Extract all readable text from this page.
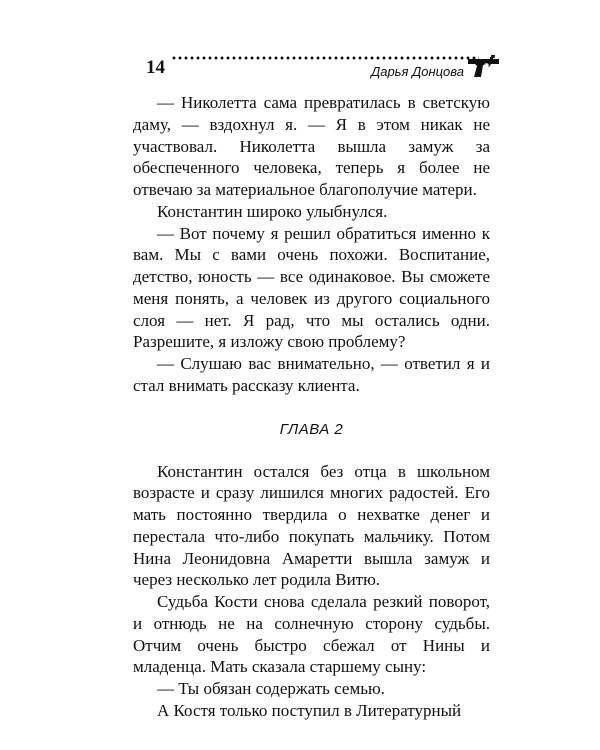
14	Дарья Донцова

— Николетта сама превратилась в светскую даму, — вздохнул я. — Я в этом никак не участвовал. Николетта вышла замуж за обеспеченного человека, теперь я более не отвечаю за материальное благополучие матери.

Константин широко улыбнулся.

— Вот почему я решил обратиться именно к вам. Мы с вами очень похожи. Воспитание, детство, юность — все одинаковое. Вы сможете меня понять, а человек из другого социального слоя — нет. Я рад, что мы остались одни. Разрешите, я изложу свою проблему?

— Слушаю вас внимательно, — ответил я и стал внимать рассказу клиента.

ГЛАВА 2

Константин остался без отца в школьном возрасте и сразу лишился многих радостей. Его мать постоянно твердила о нехватке денег и перестала что-либо покупать мальчику. Потом Нина Леонидовна Амаретти вышла замуж и через несколько лет родила Витю.

Судьба Кости снова сделала резкий поворот, и отнюдь не на солнечную сторону судьбы. Отчим очень быстро сбежал от Нины и младенца. Мать сказала старшему сыну:

— Ты обязан содержать семью.

А Костя только поступил в Литературный
